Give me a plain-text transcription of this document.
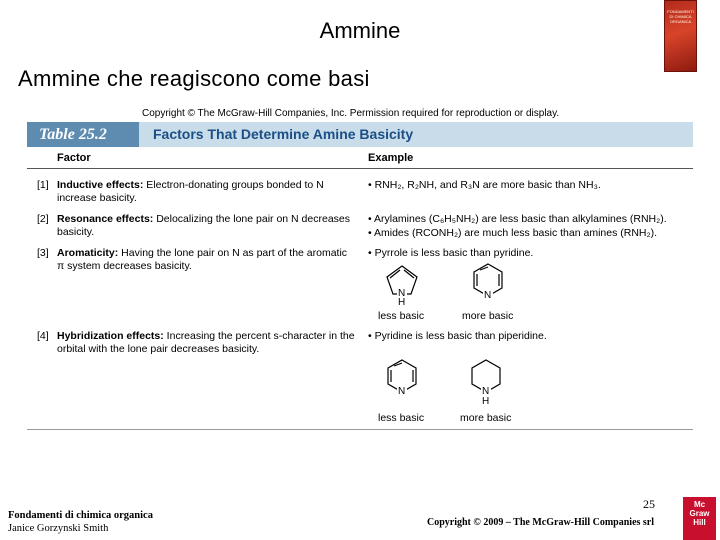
Ammine
FONDAMENTI DI CHIMICA ORGANICA
Ammine che reagiscono come basi
Copyright © The McGraw-Hill Companies, Inc. Permission required for reproduction or display.
Table 25.2	Factors That Determine Amine Basicity
Factor	Example
[1] Inductive effects: Electron-donating groups bonded to N increase basicity.
• RNH₂, R₂NH, and R₃N are more basic than NH₃.
[2] Resonance effects: Delocalizing the lone pair on N decreases basicity.
• Arylamines (C₆H₅NH₂) are less basic than alkylamines (RNH₂).
• Amides (RCONH₂) are much less basic than amines (RNH₂).
[3] Aromaticity: Having the lone pair on N as part of the aromatic π system decreases basicity.
• Pyrrole is less basic than pyridine.
N
H
N
less basic	more basic
[4] Hybridization effects: Increasing the percent s-character in the orbital with the lone pair decreases basicity.
• Pyridine is less basic than piperidine.
N	N
H
less basic	more basic
Fondamenti di chimica organica
Janice Gorzynski Smith
25
Copyright © 2009 – The McGraw-Hill Companies srl
Mc
Graw
Hill
